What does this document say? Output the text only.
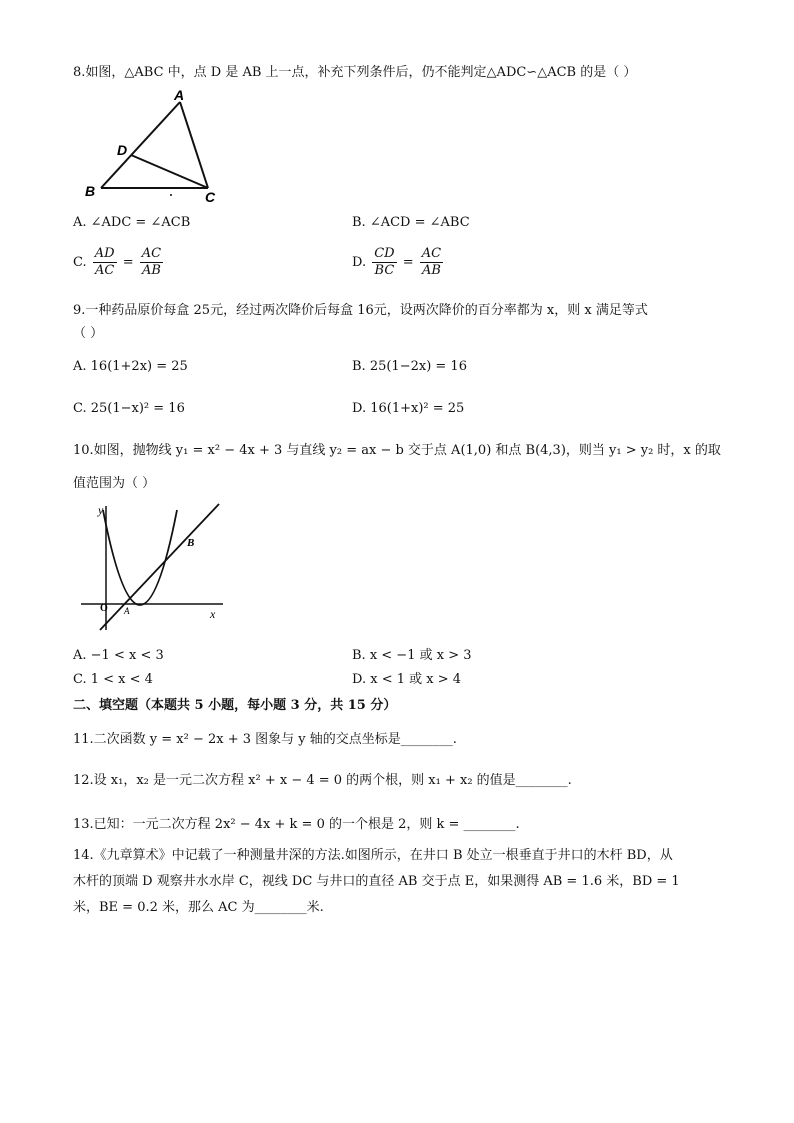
8.如图，△ABC 中，点 D 是 AB 上一点，补充下列条件后，仍不能判定△ADC∽△ACB 的是（ ）
A
D
B	C
A. ∠ADC = ∠ACB	B. ∠ACD = ∠ABC
C. $\frac{AD}{AC} = \frac{AC}{AB}$	D. $\frac{CD}{BC} = \frac{AC}{AB}$
9.一种药品原价每盒 25元，经过两次降价后每盒 16元，设两次降价的百分率都为 x，则 x 满足等式
（ ）
A. 16(1+2x) = 25	B. 25(1−2x) = 16
C. 25(1−x)² = 16	D. 16(1+x)² = 25
10.如图，抛物线 y₁ = x² − 4x + 3 与直线 y₂ = ax − b 交于点 A(1,0) 和点 B(4,3)，则当 y₁ > y₂ 时，x 的取
值范围为（ ）
y
O A
B
x
A. −1 < x < 3	B. x < −1 或 x > 3
C. 1 < x < 4	D. x < 1 或 x > 4
二、填空题（本题共 5 小题，每小题 3 分，共 15 分）
11.二次函数 y = x² − 2x + 3 图象与 y 轴的交点坐标是________.
12.设 x₁，x₂ 是一元二次方程 x² + x − 4 = 0 的两个根，则 x₁ + x₂ 的值是________.
13.已知：一元二次方程 2x² − 4x + k = 0 的一个根是 2，则 k = ________.
14.《九章算术》中记载了一种测量井深的方法.如图所示，在井口 B 处立一根垂直于井口的木杆 BD，从
木杆的顶端 D 观察井水水岸 C，视线 DC 与井口的直径 AB 交于点 E，如果测得 AB = 1.6 米，BD = 1
米，BE = 0.2 米，那么 AC 为________米.
